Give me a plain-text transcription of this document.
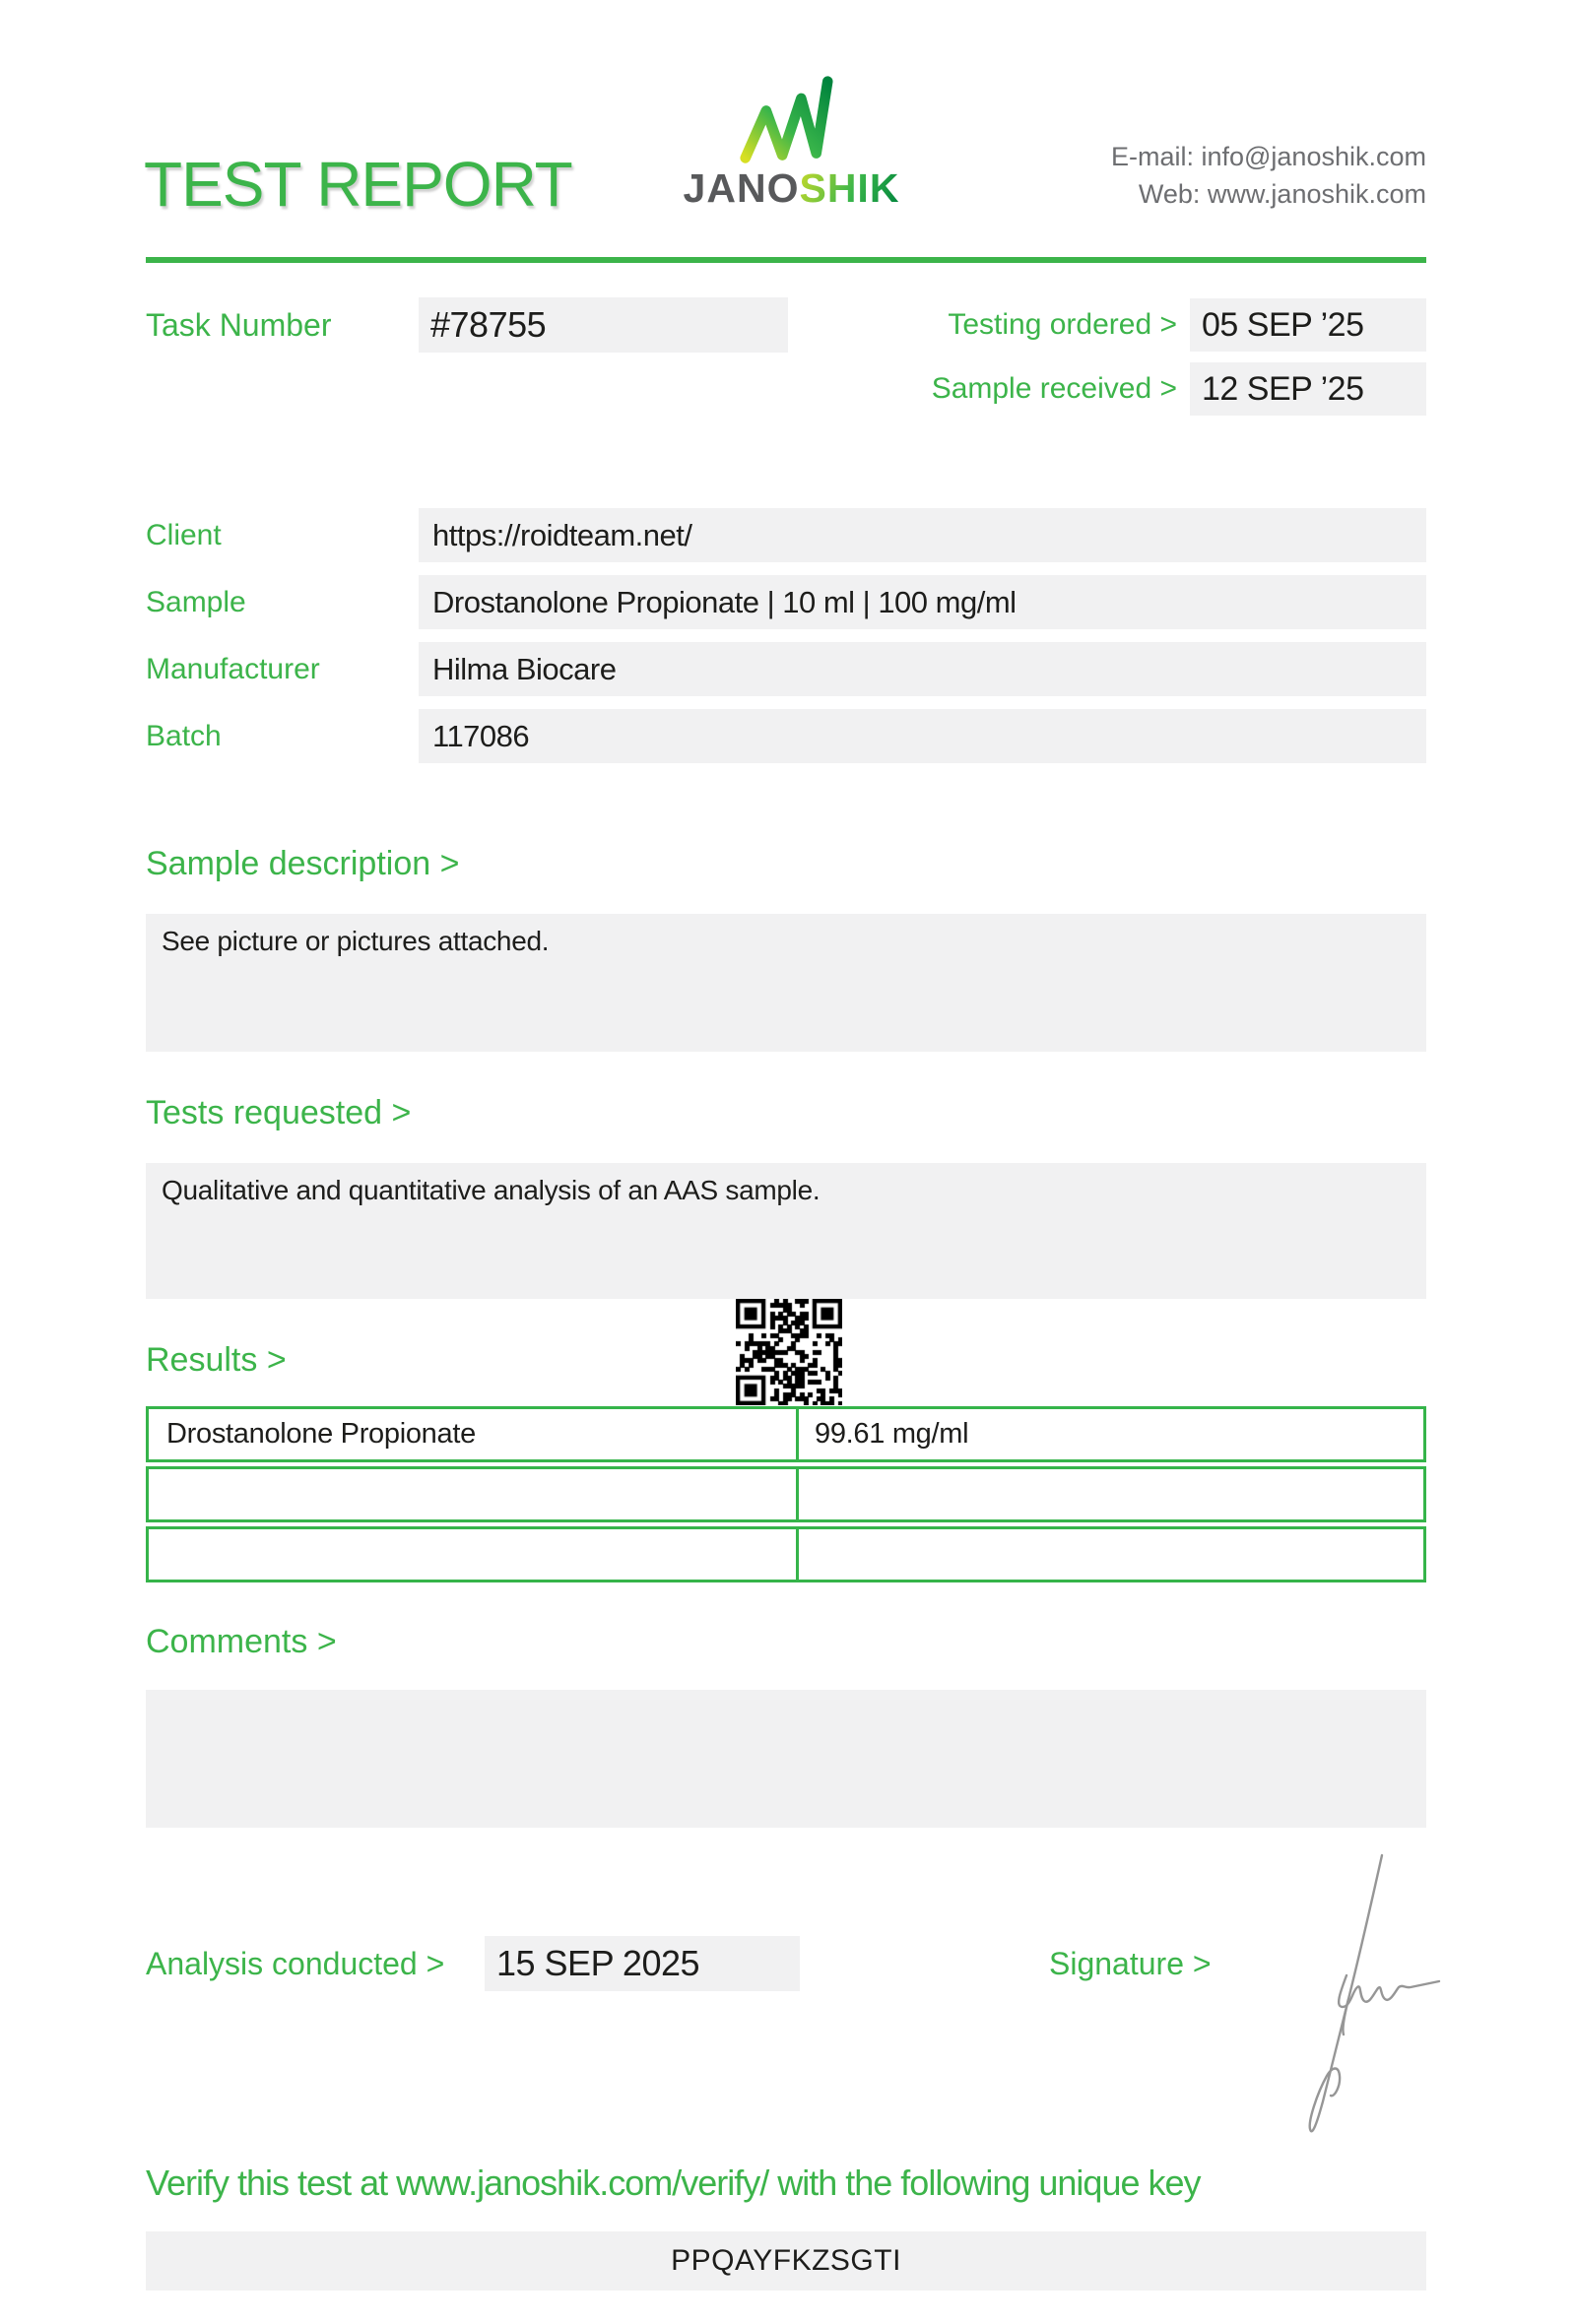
TEST REPORT	JANOSHIK
E-mail: info@janoshik.com
Web: www.janoshik.com
Task Number	#78755	Testing ordered > 05 SEP ’25
Sample received > 12 SEP ’25
Client	https://roidteam.net/
Sample	Drostanolone Propionate | 10 ml | 100 mg/ml
Manufacturer	Hilma Biocare
Batch	117086
Sample description >
See picture or pictures attached.
Tests requested >
Qualitative and quantitative analysis of an AAS sample.
Results >
Drostanolone Propionate	99.61 mg/ml
Comments >
Analysis conducted > 15 SEP 2025	Signature >
Verify this test at www.janoshik.com/verify/ with the following unique key
PPQAYFKZSGTI
